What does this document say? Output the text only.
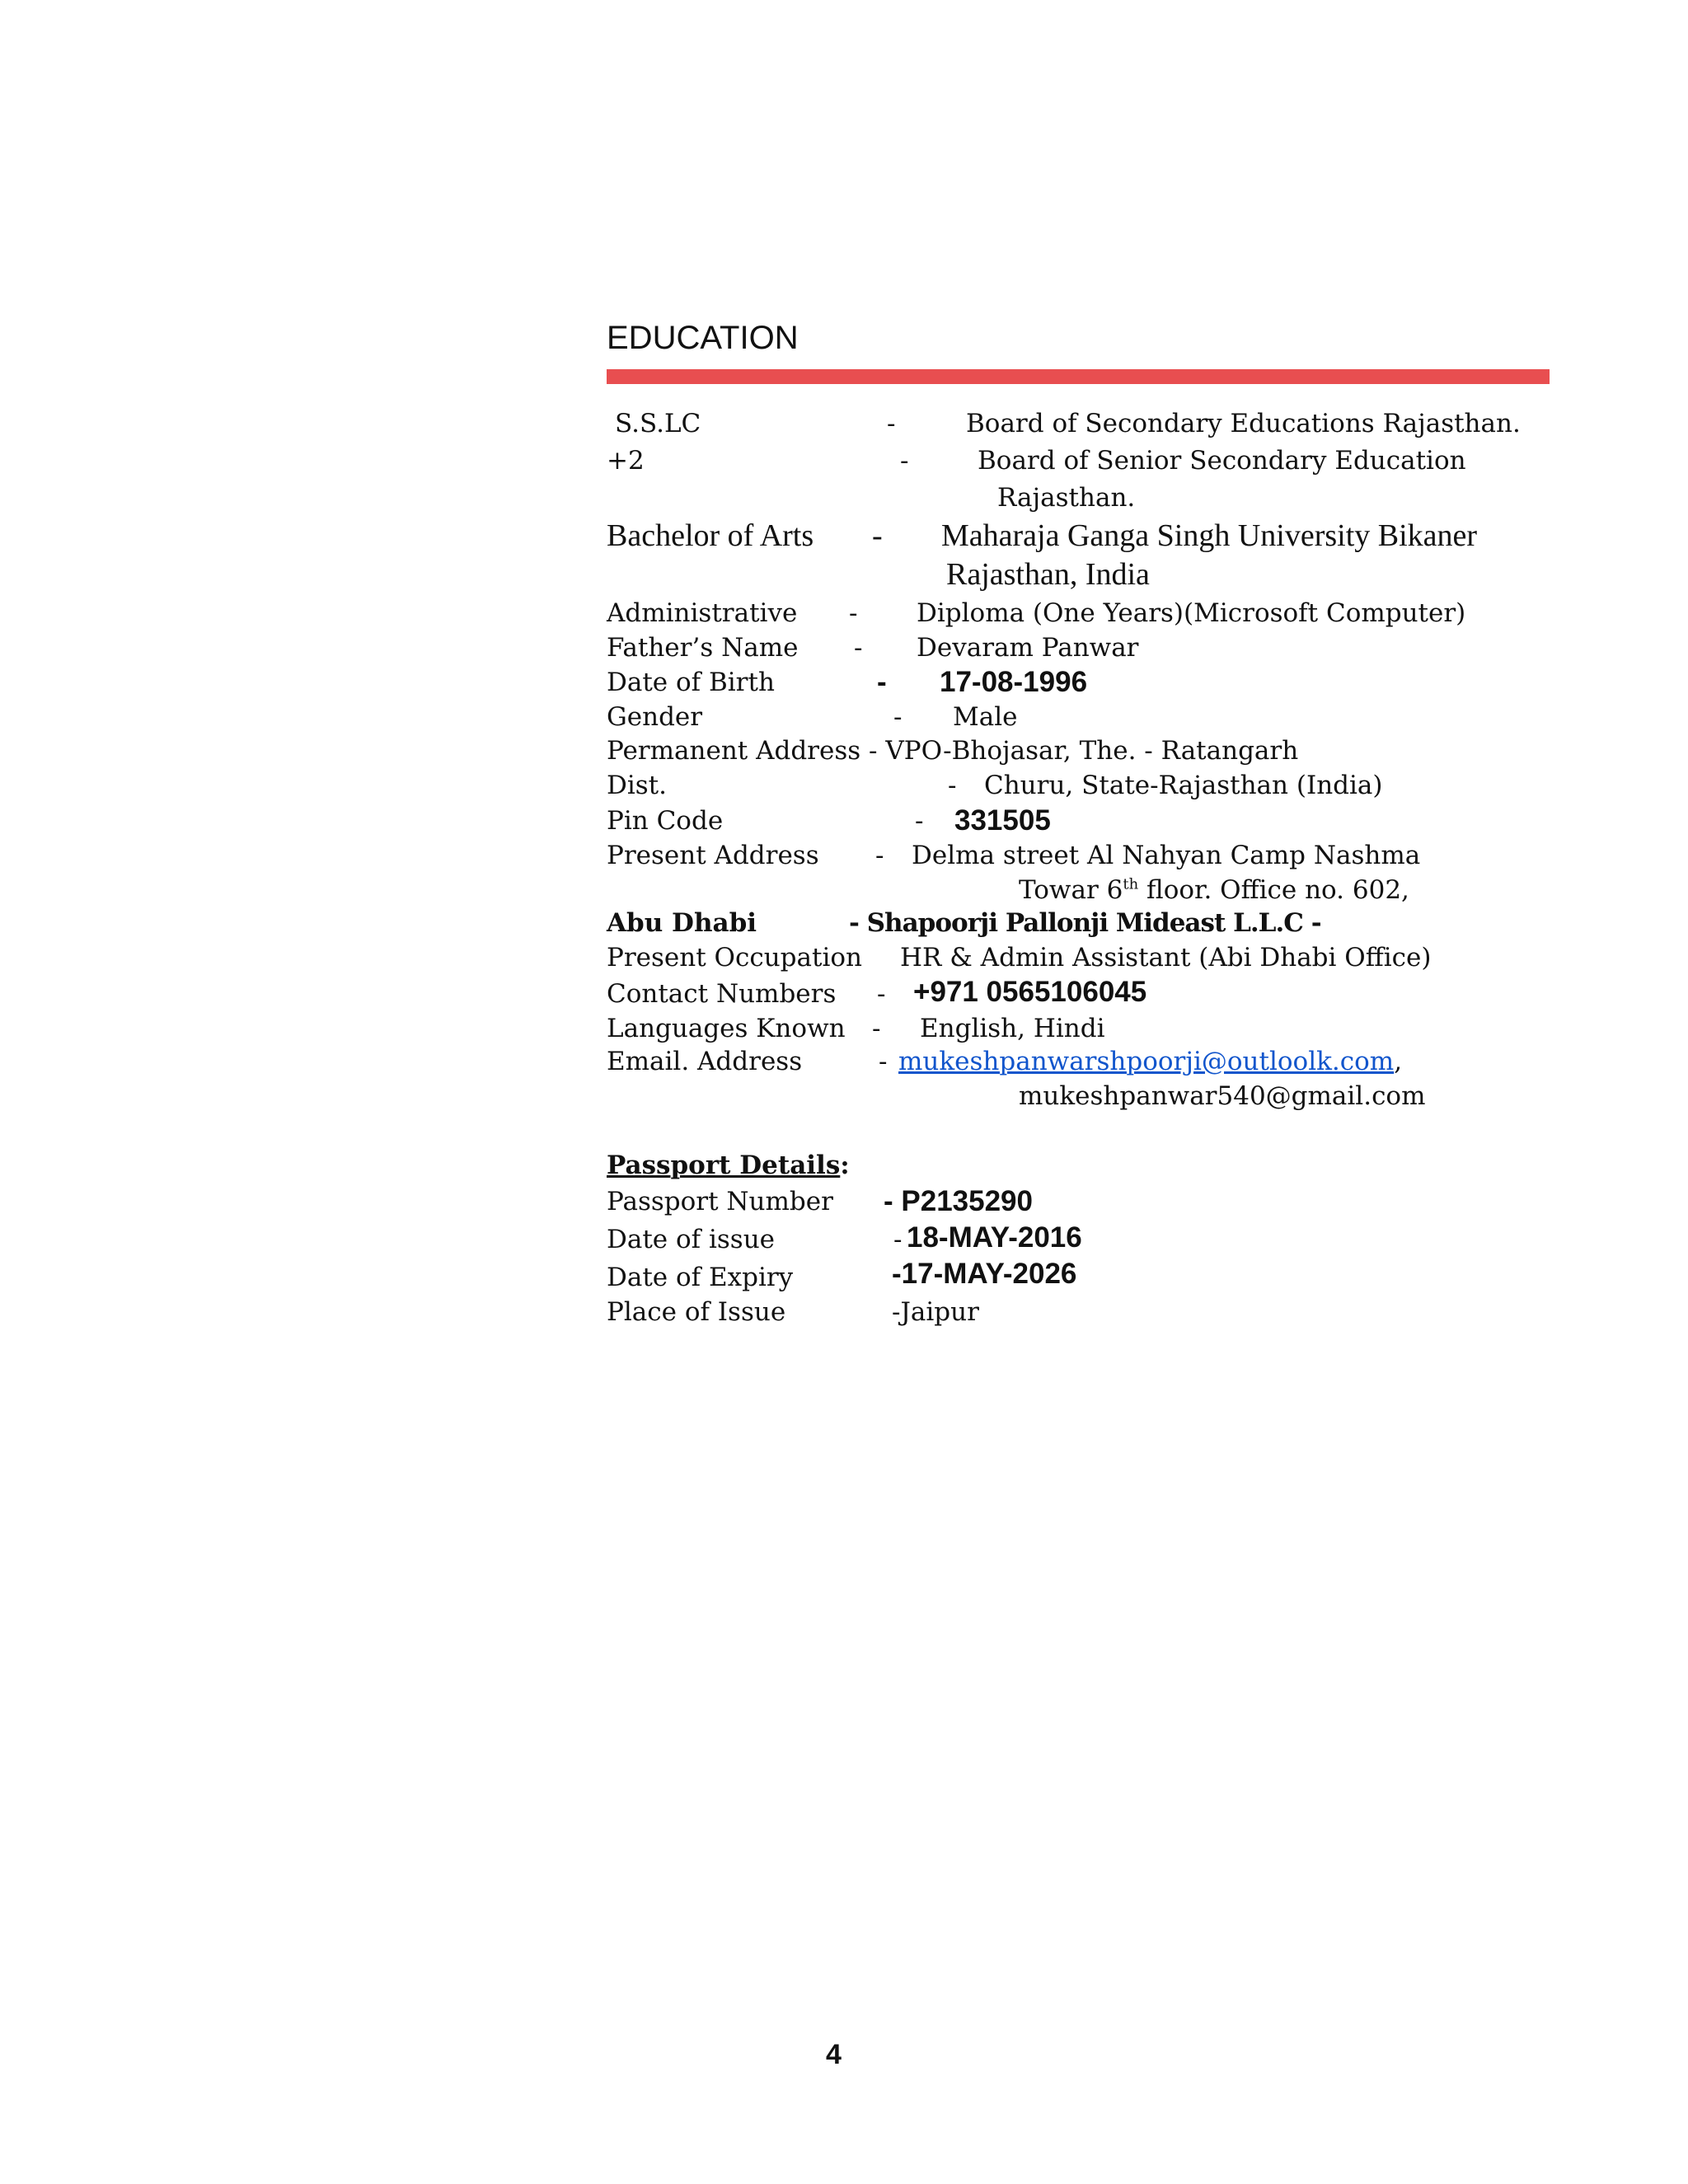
EDUCATION
S.S.LC	-	Board of Secondary Educations Rajasthan.
+2	-	Board of Senior Secondary Education
Rajasthan.
Bachelor of Arts - Maharaja Ganga Singh University Bikaner
Rajasthan, India
Administrative - Diploma (One Years)(Microsoft Computer)
Father’s Name - Devaram Panwar
Date of Birth	- 17-08-1996
Gender	- Male
Permanent Address - VPO-Bhojasar, The. - Ratangarh
Dist.	- Churu, State-Rajasthan (India)
Pin Code	- 331505
Present Address - Delma street Al Nahyan Camp Nashma
Towar 6th floor. Office no. 602,
Abu Dhabi	- Shapoorji Pallonji Mideast L.L.C -
Present Occupation HR & Admin Assistant (Abi Dhabi Office)
Contact Numbers - +971 0565106045
Languages Known - English, Hindi
Email. Address	- mukeshpanwarshpoorji@outloolk.com,
mukeshpanwar540@gmail.com
Passport Details:
Passport Number - P2135290
Date of issue	- 18-MAY-2016
Date of Expiry	-17-MAY-2026
Place of Issue	-Jaipur
4
